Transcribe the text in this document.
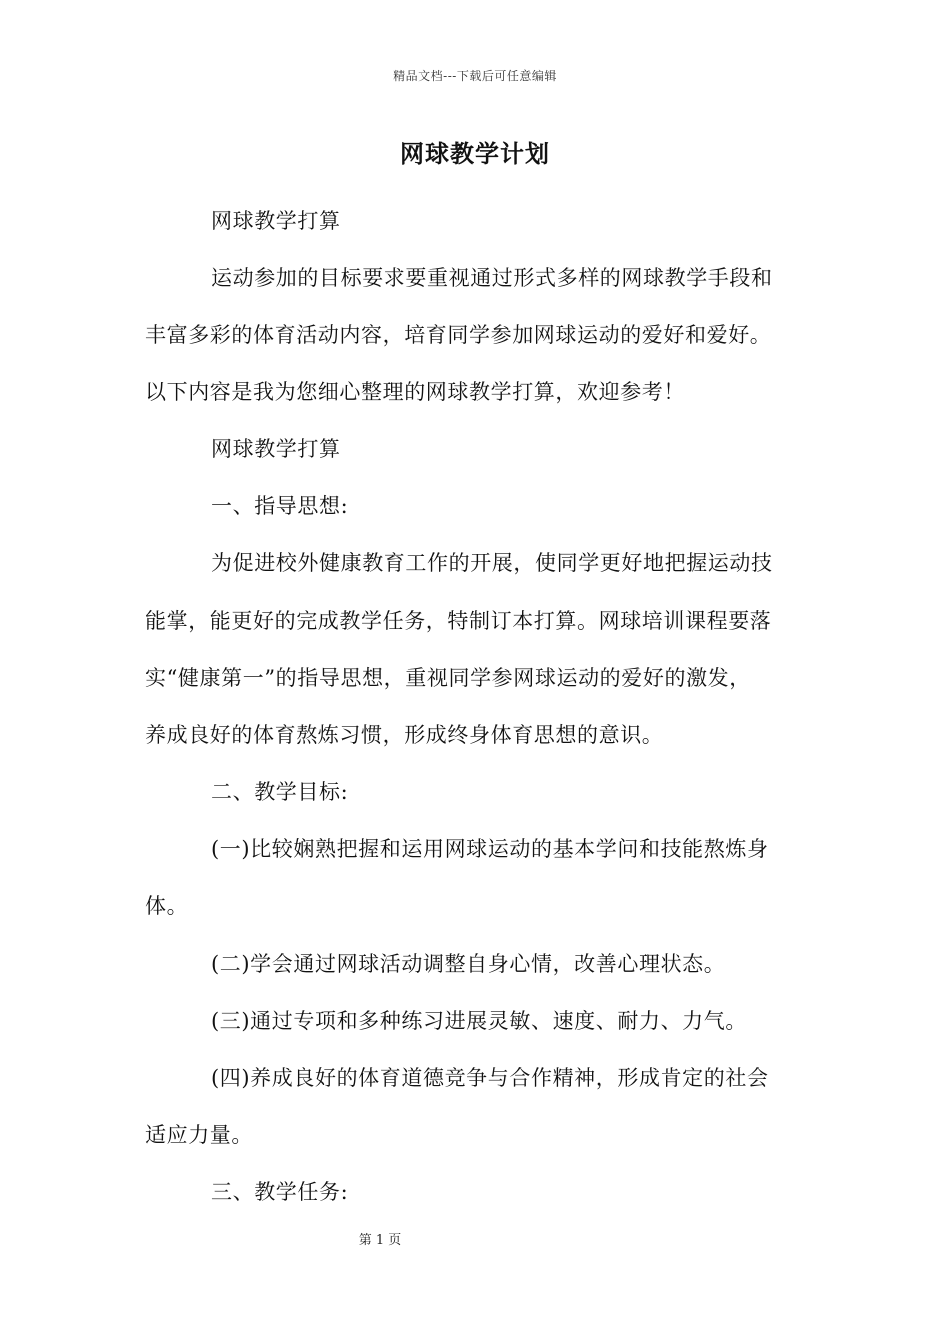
精品文档---下载后可任意编辑
网球教学计划
网球教学打算
运动参加的目标要求要重视通过形式多样的网球教学手段和
丰富多彩的体育活动内容，培育同学参加网球运动的爱好和爱好。
以下内容是我为您细心整理的网球教学打算，欢迎参考！
网球教学打算
一、指导思想:
为促进校外健康教育工作的开展，使同学更好地把握运动技
能掌，能更好的完成教学任务，特制订本打算。网球培训课程要落
实“健康第一”的指导思想，重视同学参网球运动的爱好的激发，
养成良好的体育熬炼习惯，形成终身体育思想的意识。
二、教学目标:
(一)比较娴熟把握和运用网球运动的基本学问和技能熬炼身
体。
(二)学会通过网球活动调整自身心情，改善心理状态。
(三)通过专项和多种练习进展灵敏、速度、耐力、力气。
(四)养成良好的体育道德竞争与合作精神，形成肯定的社会
适应力量。
三、教学任务:
第 1 页
